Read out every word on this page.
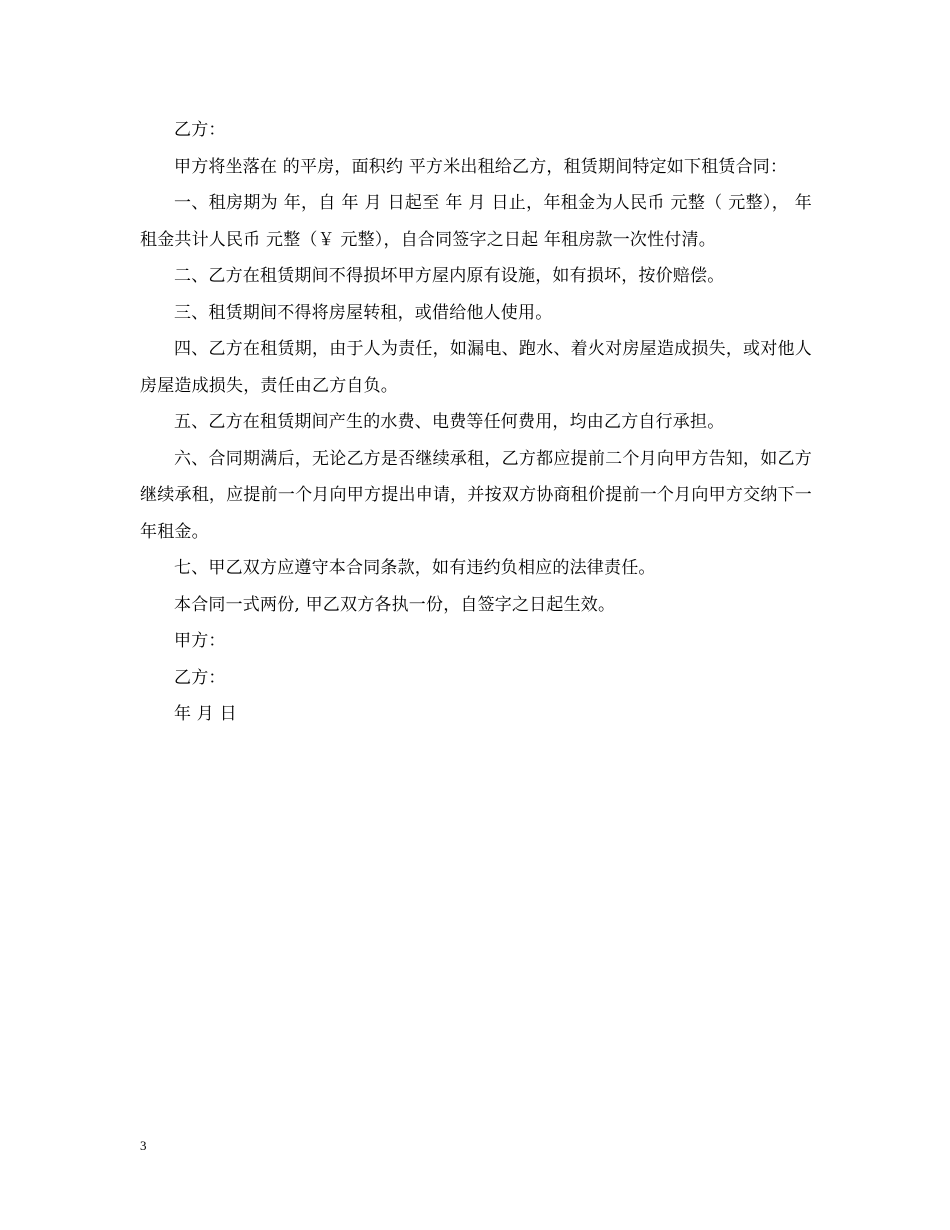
乙方：

甲方将坐落在 的平房，面积约 平方米出租给乙方，租赁期间特定如下租赁合同：

一、租房期为 年，自 年 月 日起至 年 月 日止，年租金为人民币 元整（ 元整）， 年租金共计人民币 元整（￥ 元整），自合同签字之日起 年租房款一次性付清。

二、乙方在租赁期间不得损坏甲方屋内原有设施，如有损坏，按价赔偿。

三、租赁期间不得将房屋转租，或借给他人使用。

四、乙方在租赁期，由于人为责任，如漏电、跑水、着火对房屋造成损失，或对他人房屋造成损失，责任由乙方自负。

五、乙方在租赁期间产生的水费、电费等任何费用，均由乙方自行承担。

六、合同期满后，无论乙方是否继续承租，乙方都应提前二个月向甲方告知，如乙方继续承租，应提前一个月向甲方提出申请，并按双方协商租价提前一个月向甲方交纳下一年租金。

七、甲乙双方应遵守本合同条款，如有违约负相应的法律责任。

本合同一式两份, 甲乙双方各执一份，自签字之日起生效。

甲方：

乙方：

年 月 日

3
